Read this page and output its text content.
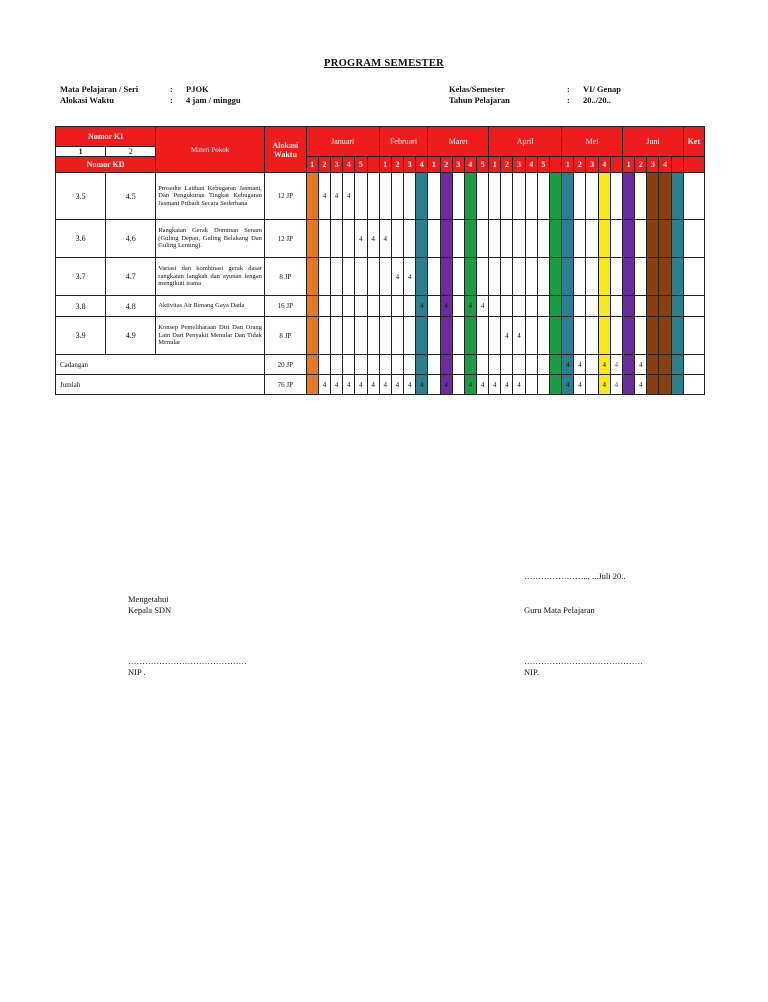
PROGRAM SEMESTER
Mata Pelajaran / Seri	:	PJOK
Alokasi Waktu	:	4 jam / minggu
Kelas/Semester	:	VI/ Genap
Tahun Pelajaran	:	20../20..
Nomor KI		Materi Pokok	Alokasi Waktu	Januari						Februari				Maret					April						Mei					Juni					Ket
1	2																																		
Nomor KD				1	2	3	4	5		1	2	3	4	1	2	3	4	5	1	2	3	4	5		1	2	3	4		1	2	3	4		
3.5	4.5	Prosedur Latihan Kebugaran Jasmani, Dan Pengukuran Tingkat Kebugaran Jasmani Pribadi Secara Sederhana	12 JP		4	4	4																												
3.6	4.6	Rangkaian Gerak Dominan Senam (Guling Depan, Guling Belakang Dan Guling Lenting).	12 JP					4	4	4																									
3.7	4.7	Variasi dan kombinasi gerak dasar rangkaian langkah dan ayunan lengan mengikuti irama	8 JP								4	4																							
3.8	4.8	Aktivitas Air Renang Gaya Dada	16 JP										4		4		4	4																	
3.9	4.9	Konsep Pemeliharaan Diri Dan Orang Lain Dari Penyakit Menular Dan Tidak Menular	8 JP																	4	4														
Cadangan			20 JP																						4	4		4	4		4				
Jumlah			76 JP		4	4	4	4	4	4	4	4	4		4		4	4	4	4	4				4	4		4	4		4				
………………….., ...Juli 20..
Mengetahui
Kepala SDN	Guru Mata Pelajaran
……………………………………
NIP .
……………………………………
NIP.
